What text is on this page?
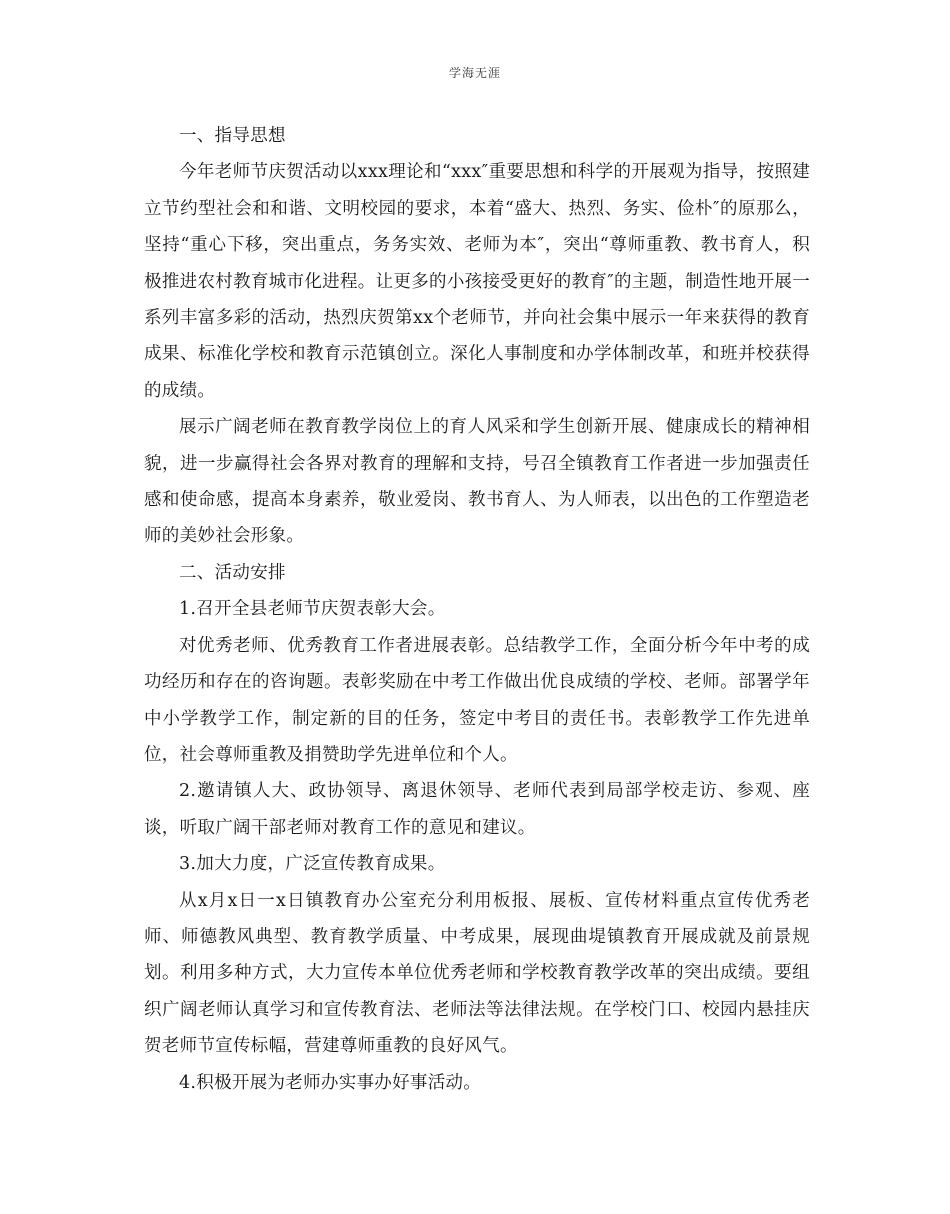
学海无涯

一、指导思想

今年老师节庆贺活动以xxx理论和“xxx″重要思想和科学的开展观为指导，按照建立节约型社会和和谐、文明校园的要求，本着“盛大、热烈、务实、俭朴″的原那么，坚持“重心下移，突出重点，务务实效、老师为本″，突出“尊师重教、教书育人，积极推进农村教育城市化进程。让更多的小孩接受更好的教育″的主题，制造性地开展一系列丰富多彩的活动，热烈庆贺第xx个老师节，并向社会集中展示一年来获得的教育成果、标准化学校和教育示范镇创立。深化人事制度和办学体制改革，和班并校获得的成绩。

展示广阔老师在教育教学岗位上的育人风采和学生创新开展、健康成长的精神相貌，进一步赢得社会各界对教育的理解和支持，号召全镇教育工作者进一步加强责任感和使命感，提高本身素养，敬业爱岗、教书育人、为人师表，以出色的工作塑造老师的美妙社会形象。

二、活动安排

1.召开全县老师节庆贺表彰大会。

对优秀老师、优秀教育工作者进展表彰。总结教学工作，全面分析今年中考的成功经历和存在的咨询题。表彰奖励在中考工作做出优良成绩的学校、老师。部署学年中小学教学工作，制定新的目的任务，签定中考目的责任书。表彰教学工作先进单位，社会尊师重教及捐赞助学先进单位和个人。

2.邀请镇人大、政协领导、离退休领导、老师代表到局部学校走访、参观、座谈，听取广阔干部老师对教育工作的意见和建议。

3.加大力度，广泛宣传教育成果。

从x月x日一x日镇教育办公室充分利用板报、展板、宣传材料重点宣传优秀老师、师德教风典型、教育教学质量、中考成果，展现曲堤镇教育开展成就及前景规划。利用多种方式，大力宣传本单位优秀老师和学校教育教学改革的突出成绩。要组织广阔老师认真学习和宣传教育法、老师法等法律法规。在学校门口、校园内悬挂庆贺老师节宣传标幅，营建尊师重教的良好风气。

4.积极开展为老师办实事办好事活动。
